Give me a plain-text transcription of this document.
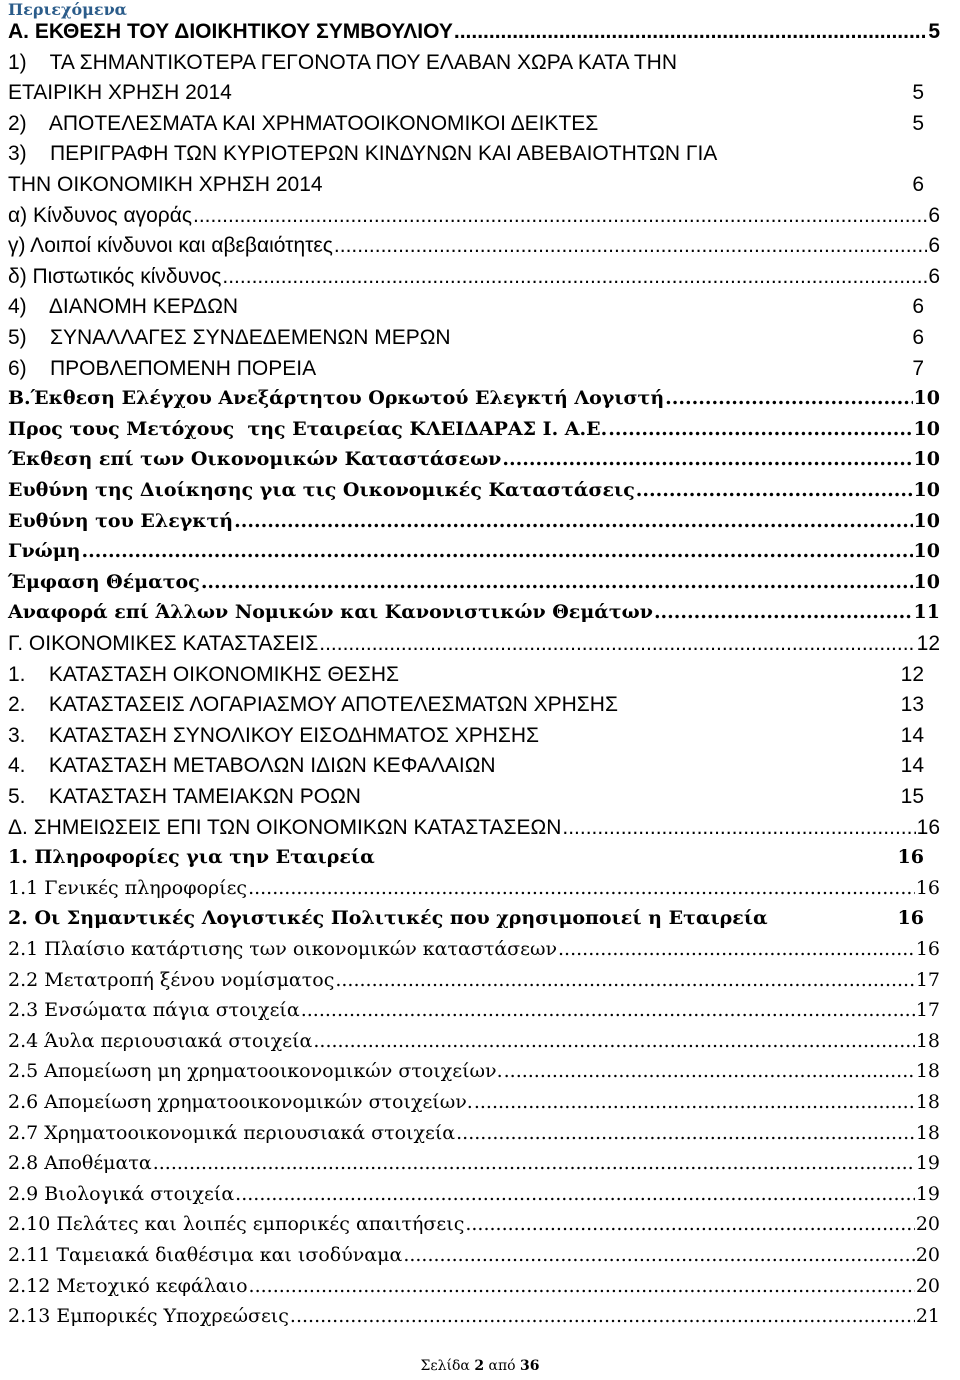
Περιεχόμενα
Α. ΕΚΘΕΣΗ ΤΟΥ ΔΙΟΙΚΗΤΙΚΟΥ ΣΥΜΒΟΥΛΙΟΥ .....	5
1)    ΤΑ ΣΗΜΑΝΤΙΚΟΤΕΡΑ ΓΕΓΟΝΟΤΑ ΠΟΥ ΕΛΑΒΑΝ ΧΩΡΑ ΚΑΤΑ ΤΗΝ
ΕΤΑΙΡΙΚΗ ΧΡΗΣΗ 2014	5
2)    ΑΠΟΤΕΛΕΣΜΑΤΑ ΚΑΙ ΧΡΗΜΑΤΟΟΙΚΟΝΟΜΙΚΟΙ ΔΕΙΚΤΕΣ	5
3)    ΠΕΡΙΓΡΑΦΗ ΤΩΝ ΚΥΡΙΟΤΕΡΩΝ ΚΙΝΔΥΝΩΝ ΚΑΙ ΑΒΕΒΑΙΟΤΗΤΩΝ ΓΙΑ
ΤΗΝ ΟΙΚΟΝΟΜΙΚΗ ΧΡΗΣΗ 2014	6
α) Κίνδυνος αγοράς .....	6
γ) Λοιποί κίνδυνοι και αβεβαιότητες .....	6
δ) Πιστωτικός κίνδυνος .....	6
4)    ΔΙΑΝΟΜΗ ΚΕΡΔΩΝ	6
5)    ΣΥΝΑΛΛΑΓΕΣ ΣΥΝΔΕΔΕΜΕΝΩΝ ΜΕΡΩΝ	6
6)    ΠΡΟΒΛΕΠΟΜΕΝΗ ΠΟΡΕΙΑ	7
Β.Έκθεση Ελέγχου Ανεξάρτητου Ορκωτού Ελεγκτή Λογιστή .....	10
Προς τους Μετόχους  της Εταιρείας ΚΛΕΙΔΑΡΑΣ Ι. Α.Ε. .....	10
Έκθεση επί των Οικονομικών Καταστάσεων .....	10
Ευθύνη της Διοίκησης για τις Οικονομικές Καταστάσεις .....	10
Ευθύνη του Ελεγκτή .....	10
Γνώμη .....	10
Έμφαση Θέματος .....	10
Αναφορά επί Άλλων Νομικών και Κανονιστικών Θεμάτων .....	11
Γ. ΟΙΚΟΝΟΜΙΚΕΣ ΚΑΤΑΣΤΑΣΕΙΣ .....	12
1.    ΚΑΤΑΣΤΑΣΗ ΟΙΚΟΝΟΜΙΚΗΣ ΘΕΣΗΣ	12
2.    ΚΑΤΑΣΤΑΣΕΙΣ ΛΟΓΑΡΙΑΣΜΟΥ ΑΠΟΤΕΛΕΣΜΑΤΩΝ ΧΡΗΣΗΣ	13
3.    ΚΑΤΑΣΤΑΣΗ ΣΥΝΟΛΙΚΟΥ ΕΙΣΟΔΗΜΑΤΟΣ ΧΡΗΣΗΣ	14
4.    ΚΑΤΑΣΤΑΣΗ ΜΕΤΑΒΟΛΩΝ ΙΔΙΩΝ ΚΕΦΑΛΑΙΩΝ	14
5.    ΚΑΤΑΣΤΑΣΗ ΤΑΜΕΙΑΚΩΝ ΡΟΩΝ	15
Δ. ΣΗΜΕΙΩΣΕΙΣ ΕΠΙ ΤΩΝ ΟΙΚΟΝΟΜΙΚΩΝ ΚΑΤΑΣΤΑΣΕΩΝ .....	16
1. Πληροφορίες για την Εταιρεία	16
1.1 Γενικές πληροφορίες .....	16
2. Οι Σημαντικές Λογιστικές Πολιτικές που χρησιμοποιεί η Εταιρεία	16
2.1 Πλαίσιο κατάρτισης των οικονομικών καταστάσεων .....	16
2.2 Μετατροπή ξένου νομίσματος .....	17
2.3 Ενσώματα πάγια στοιχεία .....	17
2.4 Άυλα περιουσιακά στοιχεία .....	18
2.5 Απομείωση μη χρηματοοικονομικών στοιχείων. .....	18
2.6 Απομείωση χρηματοοικονομικών στοιχείων. .....	18
2.7 Χρηματοοικονομικά περιουσιακά στοιχεία .....	18
2.8 Αποθέματα .....	19
2.9 Βιολογικά στοιχεία .....	19
2.10 Πελάτες και λοιπές εμπορικές απαιτήσεις .....	20
2.11 Ταμειακά διαθέσιμα και ισοδύναμα .....	20
2.12 Μετοχικό κεφάλαιο .....	20
2.13 Εμπορικές Υποχρεώσεις .....	21
Σελίδα 2 από 36
